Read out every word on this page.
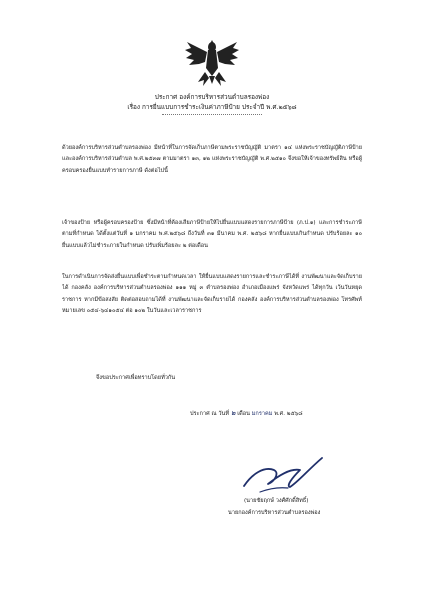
ประกาศ องค์การบริหารส่วนตำบลรองพ่อง
เรื่อง การยื่นแบบการชำระเงินค่าภาษีป้าย ประจำปี พ.ศ.๒๕๖๘
ด้วยองค์การบริหารส่วนตำบลรองพ่อง มีหน้าที่ในการจัดเก็บภาษีตามพระราชบัญญัติ มาตรา ๑๔ แห่งพระราชบัญญัติภาษีป้าย และองค์การบริหารส่วนตำบล พ.ศ.๒๕๓๗ ตามมาตรา ๑๓, ๑๒ แห่งพระราชบัญญัติ พ.ศ.๒๕๑๐ จึงขอให้เจ้าของทรัพย์สิน หรือผู้ครอบครองยื่นแบบทำรายการภาษี ดังต่อไปนี้
เจ้าของป้าย หรือผู้ครอบครองป้าย ซึ่งมีหน้าที่ต้องเสียภาษีป้ายให้ไปยื่นแบบแสดงรายการภาษีป้าย (ภ.ป.๑) และการชำระภาษีตามที่กำหนด ได้ตั้งแต่วันที่ ๑ มกราคม พ.ศ.๒๕๖๘ ถึงวันที่ ๓๑ มีนาคม พ.ศ. ๒๕๖๘ หากยื่นแบบเกินกำหนด ปรับร้อยละ ๑๐ ยื่นแบบแล้วไม่ชำระภายในกำหนด ปรับเพิ่มร้อยละ ๒ ต่อเดือน
ในการดำเนินการจัดส่งยื่นแบบเพื่อชำระตามกำหนดเวลา ให้ยื่นแบบแสดงรายการและชำระภาษีได้ที่ งานพัฒนาและจัดเก็บรายได้ กองคลัง องค์การบริหารส่วนตำบลรองพ่อง ๑๑๑ หมู่ ๓ ตำบลรองพ่อง อำเภอเมืองแพร่ จังหวัดแพร่ ได้ทุกวัน เว้นวันหยุดราชการ หากมีข้อสงสัย ติดต่อสอบถามได้ที่ งานพัฒนาและจัดเก็บรายได้ กองคลัง องค์การบริหารส่วนตำบลรองพ่อง โทรศัพท์หมายเลข ๐๕๔-๖๔๑๐๕๔ ต่อ ๑๐๒ ในวันและเวลาราชการ
จึงขอประกาศเพื่อทราบโดยทั่วกัน
ประกาศ ณ วันที่ ๒ เดือน มกราคม พ.ศ. ๒๕๖๘
(นายชัยฤกษ์ วงศ์ศักดิ์สิทธิ์)
นายกองค์การบริหารส่วนตำบลรองพ่อง
